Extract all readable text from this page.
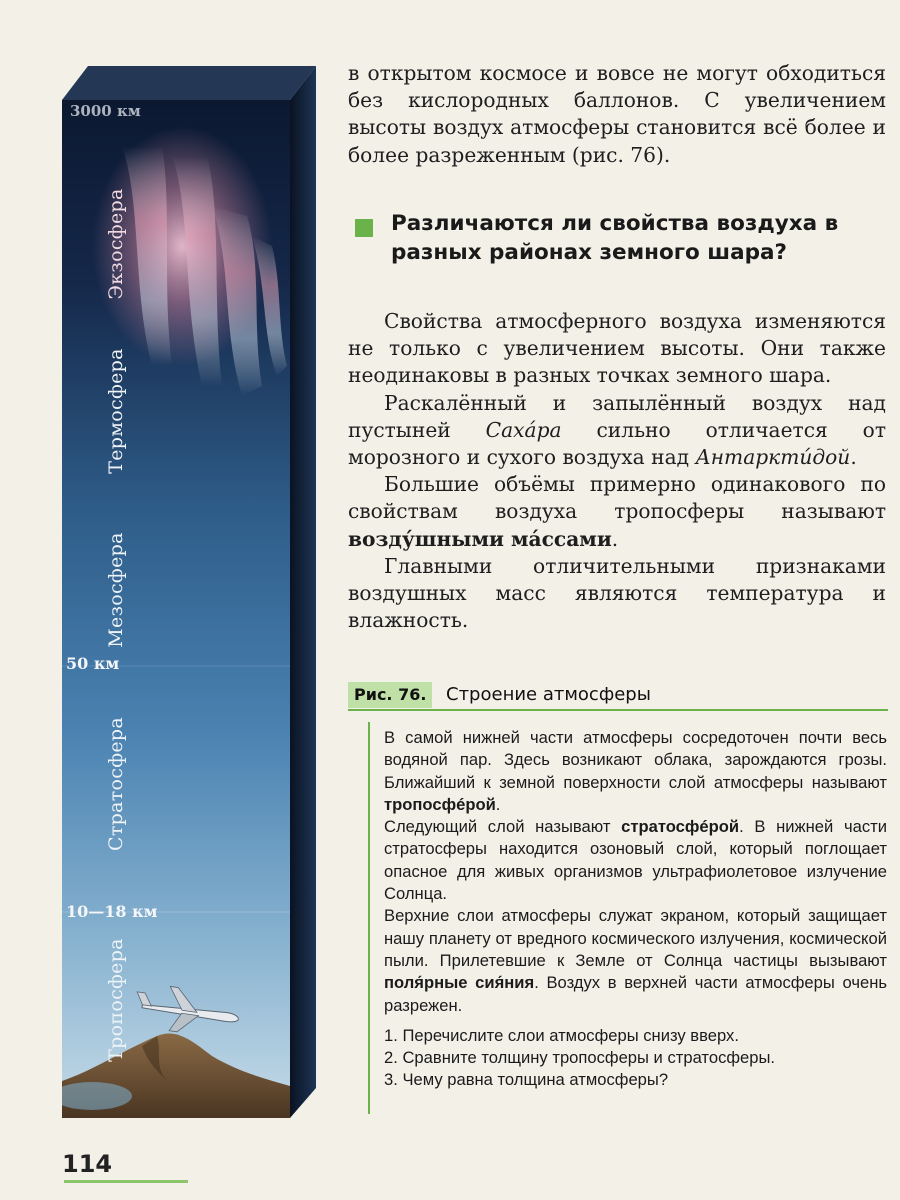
3000 км
Экзосфера
Термосфера
Мезосфера
50 км
Стратосфера
10—18 км
Тропосфера

в открытом космосе и вовсе не могут обходиться без кислородных баллонов. С увеличением высоты воздух атмосферы становится всё более и более разреженным (рис. 76).

Различаются ли свойства воздуха в разных районах земного шара?

Свойства атмосферного воздуха изменяются не только с увеличением высоты. Они также неодинаковы в разных точках земного шара.

Раскалённый и запылённый воздух над пустыней Сахáра сильно отличается от морозного и сухого воздуха над Антаркти́дой.

Большие объёмы примерно одинакового по свойствам воздуха тропосферы называют возду́шными мáссами.

Главными отличительными признаками воздушных масс являются температура и влажность.

Рис. 76.	Строение атмосферы

В самой нижней части атмосферы сосредоточен почти весь водяной пар. Здесь возникают облака, зарождаются грозы. Ближайший к земной поверхности слой атмосферы называют тропосфéрой.

Следующий слой называют стратосфéрой. В нижней части стратосферы находится озоновый слой, который поглощает опасное для живых организмов ультрафиолетовое излучение Солнца.

Верхние слои атмосферы служат экраном, который защищает нашу планету от вредного космического излучения, космической пыли. Прилетевшие к Земле от Солнца частицы вызывают поля́рные сия́ния. Воздух в верхней части атмосферы очень разрежен.

1. Перечислите слои атмосферы снизу вверх.
2. Сравните толщину тропосферы и стратосферы.
3. Чему равна толщина атмосферы?

114
